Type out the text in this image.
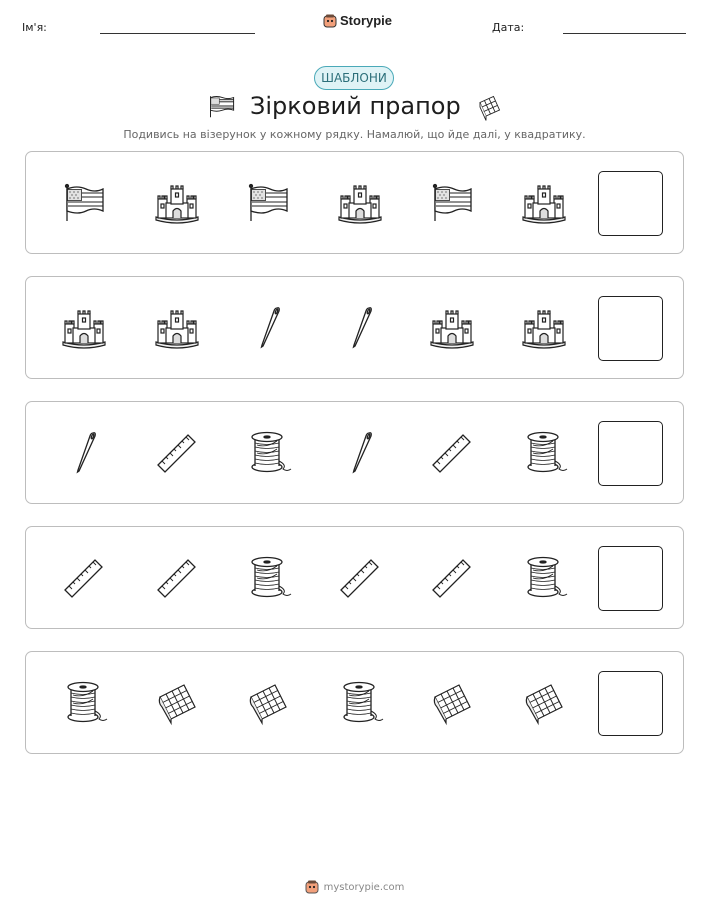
Ім'я:	Storypie	Дата:
ШАБЛОНИ
Зірковий прапор
Подивись на візерунок у кожному рядку. Намалюй, що йде далі, у квадратику.
mystorypie.com
